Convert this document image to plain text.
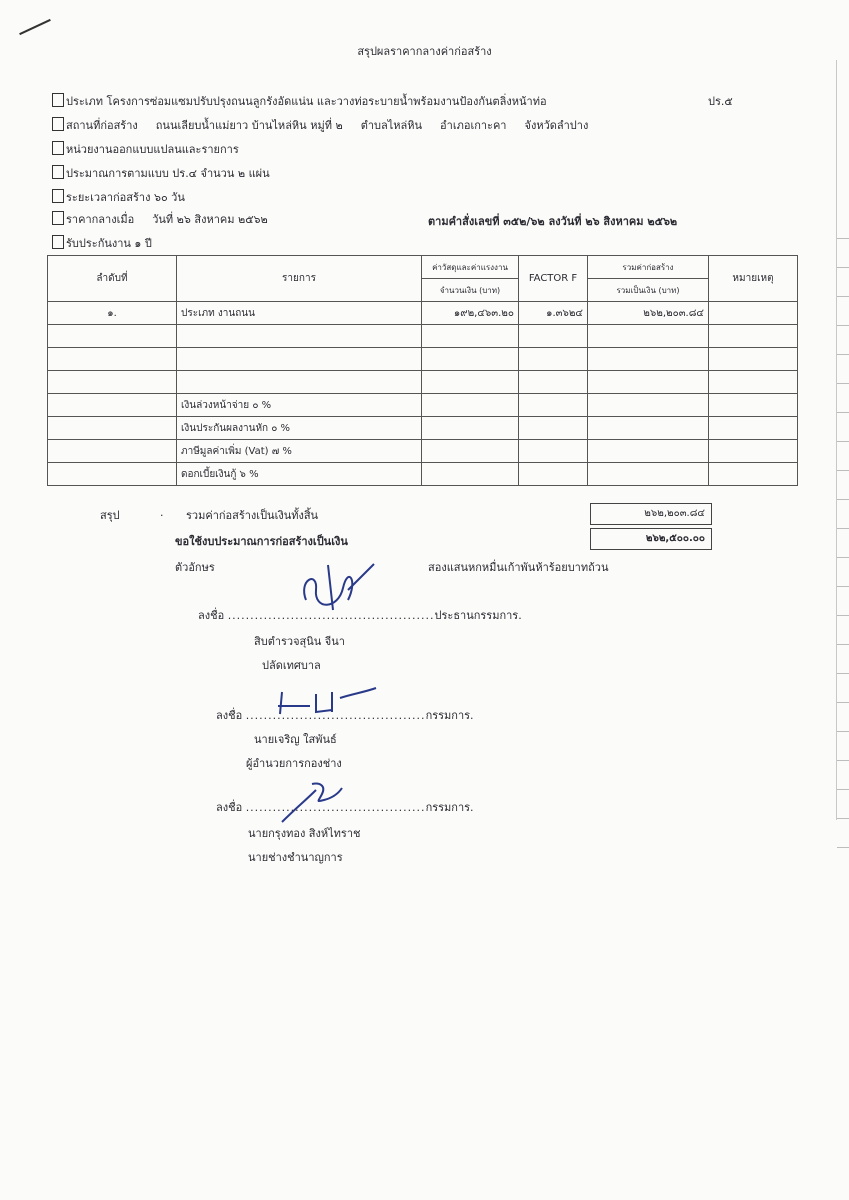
สรุปผลราคากลางค่าก่อสร้าง
ประเภท โครงการซ่อมแซมปรับปรุงถนนลูกรังอัดแน่น และวางท่อระบายน้ำพร้อมงานป้องกันตลิ่งหน้าท่อ	ปร.๕
สถานที่ก่อสร้าง ถนนเลียบน้ำแม่ยาว บ้านไหล่หิน หมู่ที่ ๒ ตำบลไหล่หิน อำเภอเกาะคา จังหวัดลำปาง
หน่วยงานออกแบบแปลนและรายการ
ประมาณการตามแบบ ปร.๔ จำนวน ๒ แผ่น
ระยะเวลาก่อสร้าง ๖๐ วัน
ราคากลางเมื่อ วันที่ ๒๖ สิงหาคม ๒๕๖๒	ตามคำสั่งเลขที่ ๓๕๒/๖๒ ลงวันที่ ๒๖ สิงหาคม ๒๕๖๒
รับประกันงาน ๑ ปี
ลำดับที่	รายการ	ค่าวัสดุและค่าแรงงาน	FACTOR F	รวมค่าก่อสร้าง	หมายเหตุ
		จำนวนเงิน (บาท)		รวมเป็นเงิน (บาท)	
๑.	ประเภท งานถนน	๑๙๒,๔๖๓.๒๐	๑.๓๖๒๔	๒๖๒,๒๐๓.๘๔	

	เงินล่วงหน้าจ่าย ๐ %				
	เงินประกันผลงานหัก ๐ %				
	ภาษีมูลค่าเพิ่ม (Vat) ๗ %				
	ดอกเบี้ยเงินกู้ ๖ %				
สรุป	. รวมค่าก่อสร้างเป็นเงินทั้งสิ้น	๒๖๒,๒๐๓.๘๔
ขอใช้งบประมาณการก่อสร้างเป็นเงิน	๒๖๒,๕๐๐.๐๐
ตัวอักษร	สองแสนหกหมื่นเก้าพันห้าร้อยบาทถ้วน
ลงชื่อ ..............................................ประธานกรรมการ.
สิบตำรวจสุนิน จีนา
ปลัดเทศบาล
ลงชื่อ ........................................กรรมการ.
นายเจริญ ใสพันธ์
ผู้อำนวยการกองช่าง
ลงชื่อ ........................................กรรมการ.
นายกรุงทอง สิงห์ไทราช
นายช่างชำนาญการ
